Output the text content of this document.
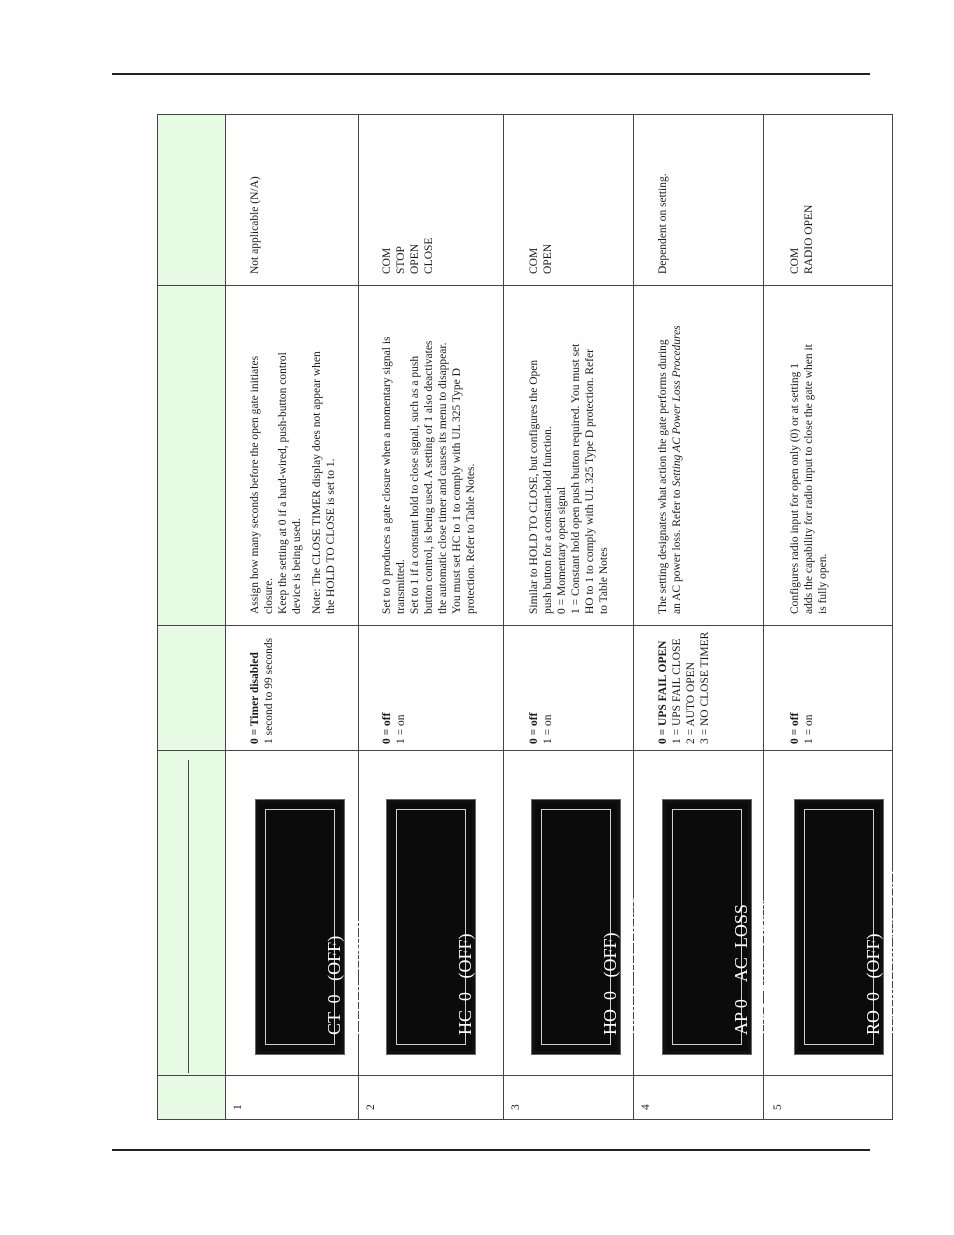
1

CT  0   (OFF) CLOSE TIMER

0 = Timer disabled 1 second to 99 seconds

Assign how many seconds before the open gate initiates closure. Keep the setting at 0 if a hard-wired, push-button control device is being used. Note: The CLOSE TIMER display does not appear when the HOLD TO CLOSE is set to 1.

Not applicable (N/A)
2

HC  0   (OFF) HOLD  TO  CLOSE

0 = off 1 = on
Set to 0 produces a gate closure when a momentary signal is transmitted. Set to 1 if a constant hold to close signal, such as a push button control, is being used. A setting of 1 also deactivates the automatic close timer and causes its menu to disappear. You must set HC to 1 to comply with UL 325 Type D protection. Refer to Table Notes.
COM STOP OPEN CLOSE
3

HO  0   (OFF) HOLD  TO  OPEN

0 = off 1 = on
Similar to HOLD TO CLOSE, but configures the Open push button for a constant-hold function. 0 = Momentary open signal 1 = Constant hold open push button required. You must set HO to 1 to comply with UL 325 Type D protection. Refer to Table Notes
COM OPEN
4

AP 0    AC  LOSS UPS  FAIL  OPEN

0 = UPS FAIL OPEN 1 = UPS FAIL CLOSE 2 = AUTO OPEN 3 = NO CLOSE TIMER
The setting designates what action the gate performs during an AC power loss. Refer to Setting AC Power Loss Procedures
Dependent on setting.
5

RO  0   (OFF) RADIO OPEN/CLOSE

0 = off 1 = on
Configures radio input for open only (0) or at setting 1 adds the capability for radio input to close the gate when it is fully open.
COM RADIO OPEN
